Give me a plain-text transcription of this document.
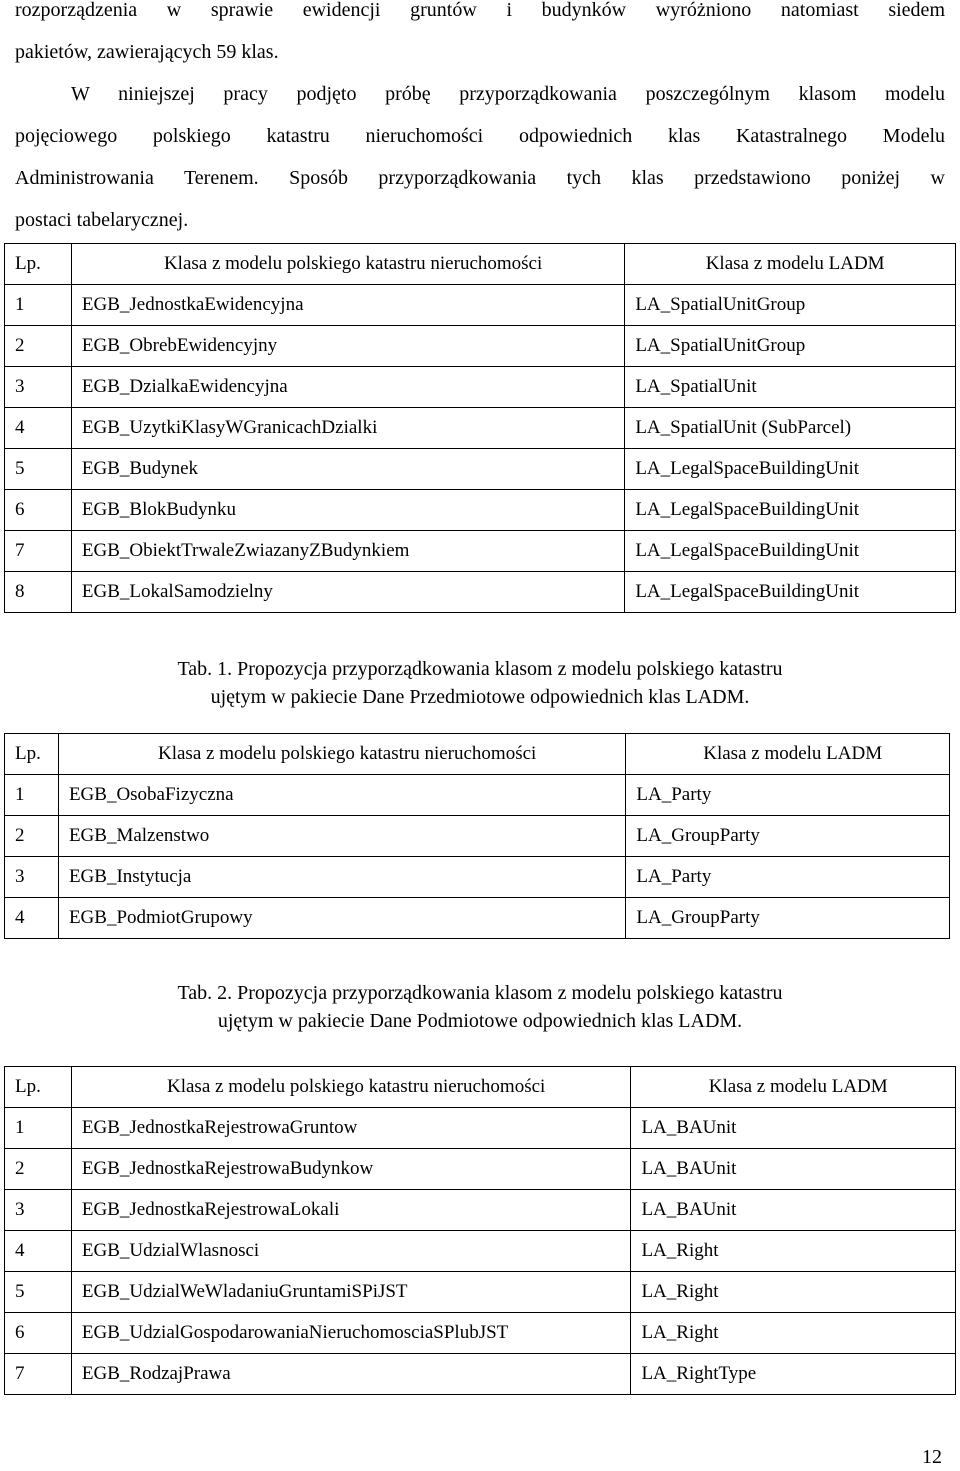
rozporządzenia w sprawie ewidencji gruntów i budynków wyróżniono natomiast siedem
pakietów, zawierających 59 klas.
W niniejszej pracy podjęto próbę przyporządkowania poszczególnym klasom modelu
pojęciowego polskiego katastru nieruchomości odpowiednich klas Katastralnego Modelu
Administrowania Terenem. Sposób przyporządkowania tych klas przedstawiono poniżej w
postaci tabelarycznej.
Lp.	Klasa z modelu polskiego katastru nieruchomości	Klasa z modelu LADM
1	EGB_JednostkaEwidencyjna	LA_SpatialUnitGroup
2	EGB_ObrebEwidencyjny	LA_SpatialUnitGroup
3	EGB_DzialkaEwidencyjna	LA_SpatialUnit
4	EGB_UzytkiKlasyWGranicachDzialki	LA_SpatialUnit (SubParcel)
5	EGB_Budynek	LA_LegalSpaceBuildingUnit
6	EGB_BlokBudynku	LA_LegalSpaceBuildingUnit
7	EGB_ObiektTrwaleZwiazanyZBudynkiem	LA_LegalSpaceBuildingUnit
8	EGB_LokalSamodzielny	LA_LegalSpaceBuildingUnit
Tab. 1. Propozycja przyporządkowania klasom z modelu polskiego katastru
ujętym w pakiecie Dane Przedmiotowe odpowiednich klas LADM.
Lp.	Klasa z modelu polskiego katastru nieruchomości	Klasa z modelu LADM
1	EGB_OsobaFizyczna	LA_Party
2	EGB_Malzenstwo	LA_GroupParty
3	EGB_Instytucja	LA_Party
4	EGB_PodmiotGrupowy	LA_GroupParty
Tab. 2. Propozycja przyporządkowania klasom z modelu polskiego katastru
ujętym w pakiecie Dane Podmiotowe odpowiednich klas LADM.
Lp.	Klasa z modelu polskiego katastru nieruchomości	Klasa z modelu LADM
1	EGB_JednostkaRejestrowaGruntow	LA_BAUnit
2	EGB_JednostkaRejestrowaBudynkow	LA_BAUnit
3	EGB_JednostkaRejestrowaLokali	LA_BAUnit
4	EGB_UdzialWlasnosci	LA_Right
5	EGB_UdzialWeWladaniuGruntamiSPiJST	LA_Right
6	EGB_UdzialGospodarowaniaNieruchomosciaSPlubJST	LA_Right
7	EGB_RodzajPrawa	LA_RightType
12
